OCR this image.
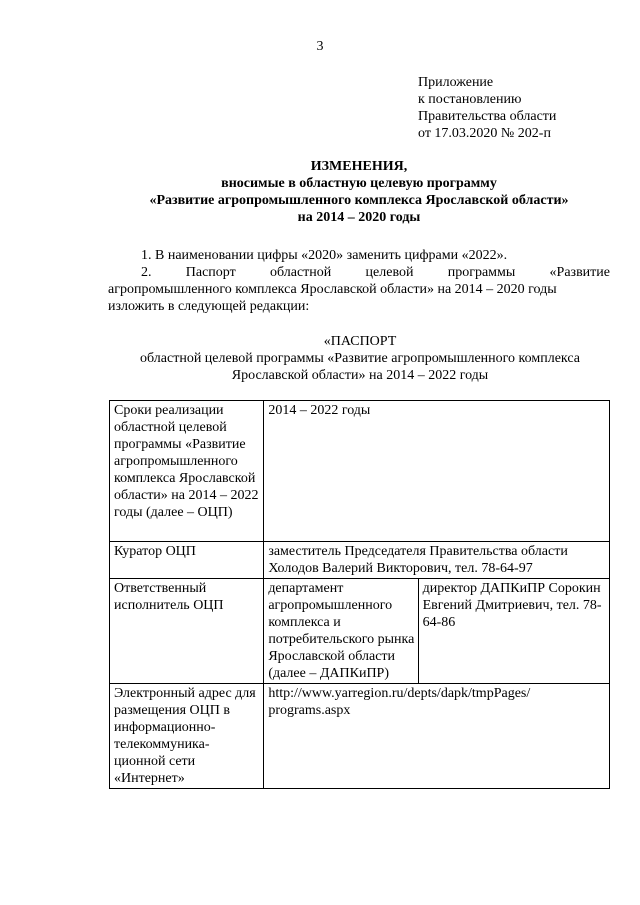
3
Приложение
к постановлению
Правительства области
от 17.03.2020 № 202-п
ИЗМЕНЕНИЯ,
вносимые в областную целевую программу
«Развитие агропромышленного комплекса Ярославской области»
на 2014 – 2020 годы
1. В наименовании цифры «2020» заменить цифрами «2022».
2. Паспорт областной целевой программы «Развитие
агропромышленного комплекса Ярославской области» на 2014 – 2020 годы
изложить в следующей редакции:
«ПАСПОРТ
областной целевой программы «Развитие агропромышленного комплекса
Ярославской области» на 2014 – 2022 годы
Сроки реализации областной целевой программы «Развитие агропромышленного комплекса Ярославской области» на 2014 – 2022 годы (далее – ОЦП)	2014 – 2022 годы	
Куратор ОЦП	заместитель Председателя Правительства области
Холодов Валерий Викторович, тел. 78-64-97	

Ответственный исполнитель ОЦП	департамент агропромышленного комплекса и потребительского рынка Ярославской области (далее – ДАПКиПР)	директор ДАПКиПР Сорокин Евгений Дмитриевич, тел. 78-64-86
Электронный адрес для размещения ОЦП в информационно-телекоммуника-ционной сети «Интернет»	http://www.yarregion.ru/depts/dapk/tmpPages/
programs.aspx	
